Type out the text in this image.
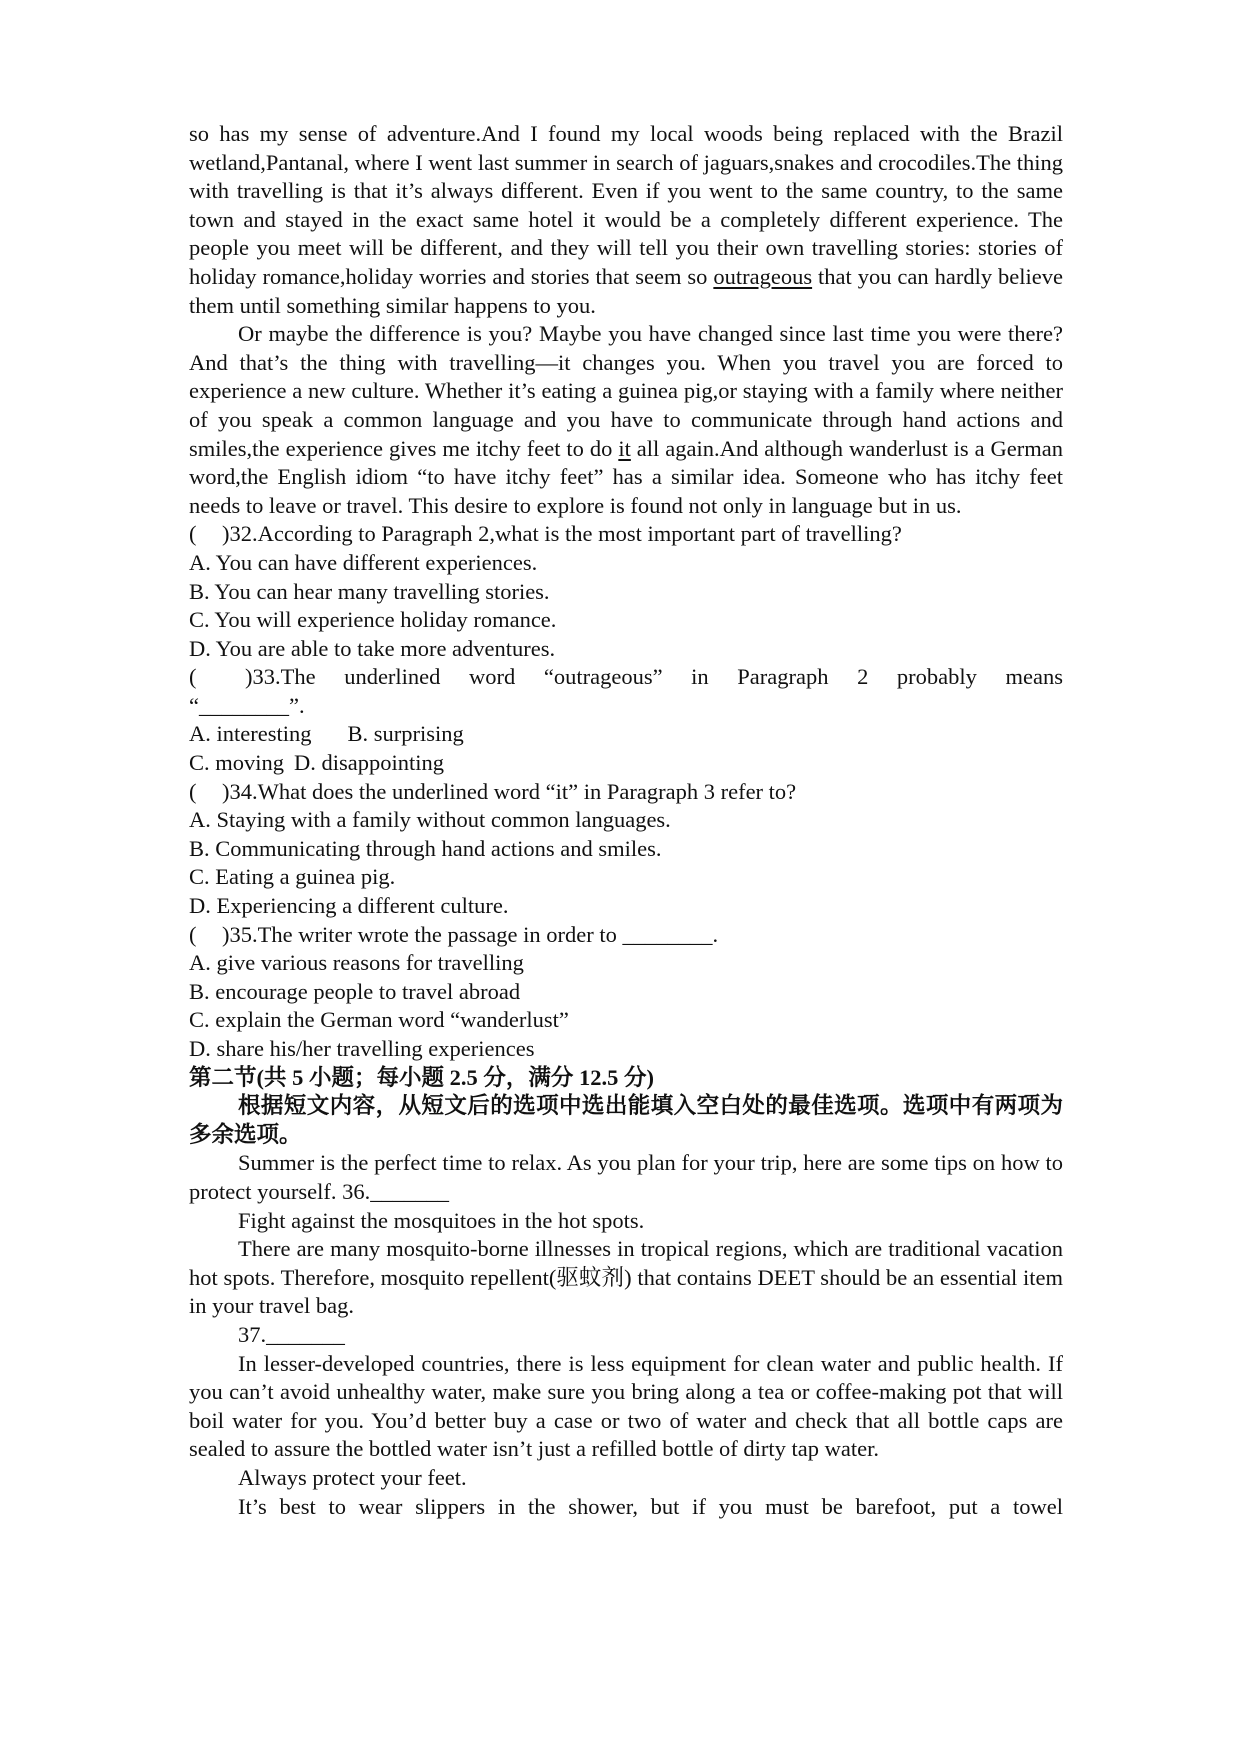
so has my sense of adventure.And I found my local woods being replaced with the Brazil wetland,Pantanal, where I went last summer in search of jaguars,snakes and crocodiles.The thing with travelling is that it’s always different. Even if you went to the same country, to the same town and stayed in the exact same hotel it would be a completely different experience. The people you meet will be different, and they will tell you their own travelling stories: stories of holiday romance,holiday worries and stories that seem so outrageous that you can hardly believe them until something similar happens to you.

Or maybe the difference is you? Maybe you have changed since last time you were there? And that’s the thing with travelling—it changes you. When you travel you are forced to experience a new culture. Whether it’s eating a guinea pig,or staying with a family where neither of you speak a common language and you have to communicate through hand actions and smiles,the experience gives me itchy feet to do it all again.And although wanderlust is a German word,the English idiom “to have itchy feet” has a similar idea. Someone who has itchy feet needs to leave or travel. This desire to explore is found not only in language but in us.

( )32.According to Paragraph 2,what is the most important part of travelling?

A. You can have different experiences.

B. You can hear many travelling stories.

C. You will experience holiday romance.

D. You are able to take more adventures.

( )33.The underlined word “outrageous” in Paragraph 2 probably means

“________”.

A. interesting B. surprising

C. moving D. disappointing

( )34.What does the underlined word “it” in Paragraph 3 refer to?

A. Staying with a family without common languages.

B. Communicating through hand actions and smiles.

C. Eating a guinea pig.

D. Experiencing a different culture.

( )35.The writer wrote the passage in order to ________.

A. give various reasons for travelling

B. encourage people to travel abroad

C. explain the German word “wanderlust”

D. share his/her travelling experiences

第二节(共 5 小题；每小题 2.5 分，满分 12.5 分)

根据短文内容，从短文后的选项中选出能填入空白处的最佳选项。选项中有两项为多余选项。

Summer is the perfect time to relax. As you plan for your trip, here are some tips on how to protect yourself. 36._______

Fight against the mosquitoes in the hot spots.

There are many mosquito-borne illnesses in tropical regions, which are traditional vacation hot spots. Therefore, mosquito repellent(驱蚊剂) that contains DEET should be an essential item in your travel bag.

37._______

In lesser-developed countries, there is less equipment for clean water and public health. If you can’t avoid unhealthy water, make sure you bring along a tea or coffee-making pot that will boil water for you. You’d better buy a case or two of water and check that all bottle caps are sealed to assure the bottled water isn’t just a refilled bottle of dirty tap water.

Always protect your feet.

It’s best to wear slippers in the shower, but if you must be barefoot, put a towel
